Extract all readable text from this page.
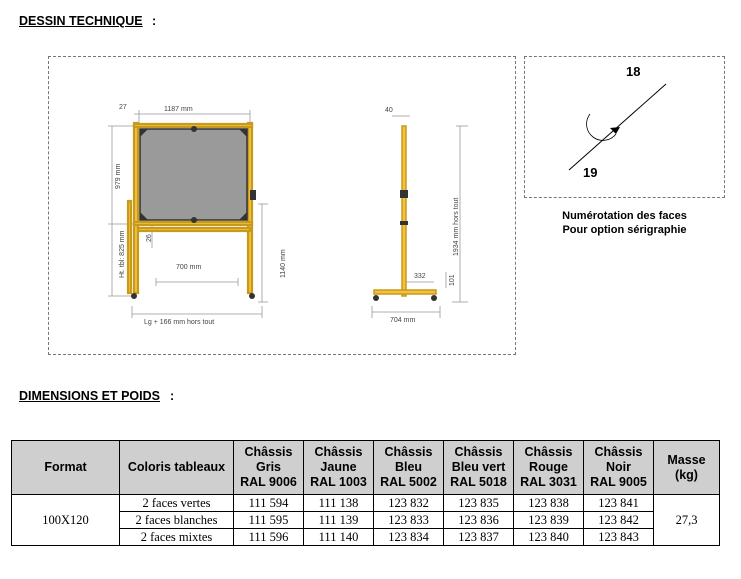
DESSIN TECHNIQUE :
27	1187 mm
979 mm
26
Ht. tbl: 825 mm	700 mm	1140 mm
Lg + 166 mm hors tout
40
1934 mm hors tout
332	101
704 mm
18
19
Numérotation des faces
Pour option sérigraphie
DIMENSIONS ET POIDS :
Format	Coloris tableaux	Châssis
Gris
RAL 9006	Châssis
Jaune
RAL 1003	Châssis
Bleu
RAL 5002	Châssis
Bleu vert
RAL 5018	Châssis
Rouge
RAL 3031	Châssis
Noir
RAL 9005	Masse
(kg)

100X120	2 faces vertes	111 594	111 138	123 832	123 835	123 838	123 841	27,3
	2 faces blanches	111 595	111 139	123 833	123 836	123 839	123 842	
	2 faces mixtes	111 596	111 140	123 834	123 837	123 840	123 843	
